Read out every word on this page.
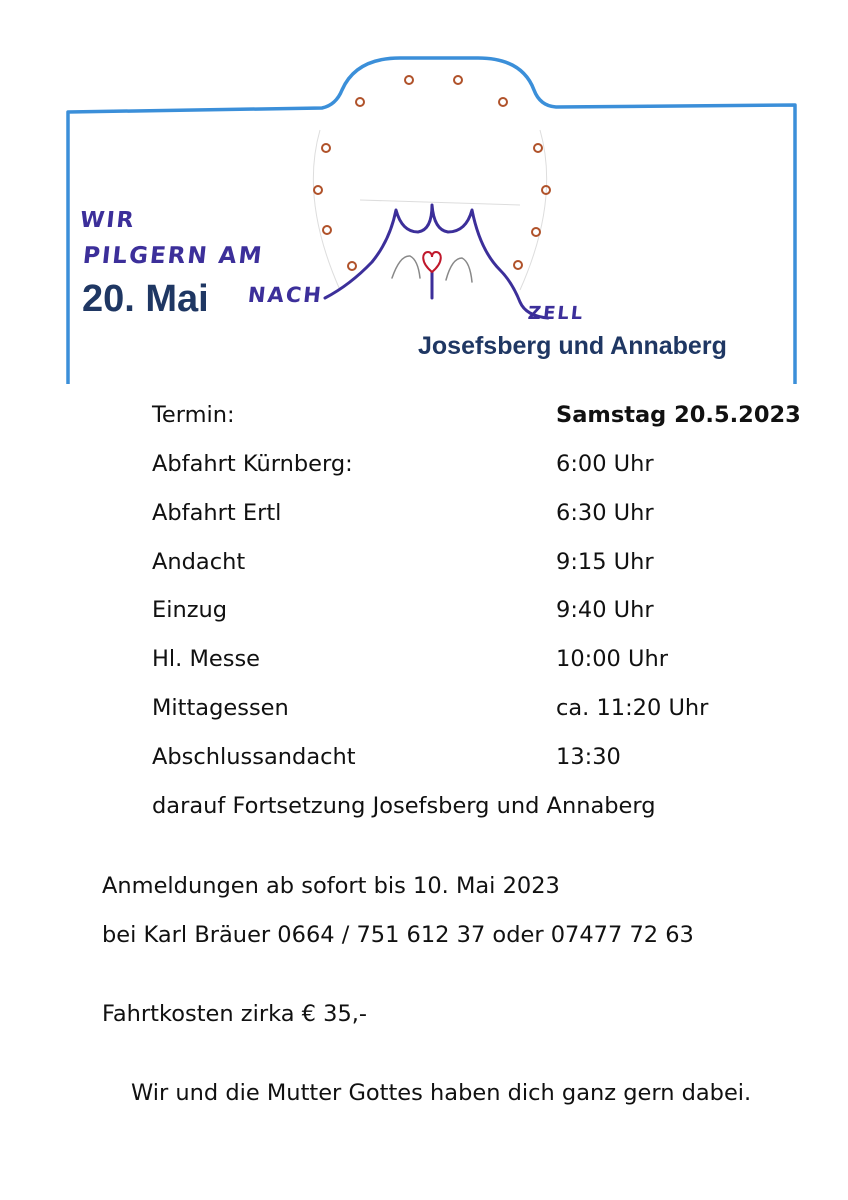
WIR
PILGERN AM
NACH
ZELL
20. Mai
Josefsberg und Annaberg
Termin:	Samstag 20.5.2023
Abfahrt Kürnberg:	6:00 Uhr
Abfahrt Ertl	6:30 Uhr
Andacht	9:15 Uhr
Einzug	9:40 Uhr
Hl. Messe	10:00 Uhr
Mittagessen	ca. 11:20 Uhr
Abschlussandacht	13:30
darauf Fortsetzung Josefsberg und Annaberg
Anmeldungen ab sofort bis 10. Mai 2023
bei Karl Bräuer 0664 / 751 612 37 oder 07477 72 63
Fahrtkosten zirka € 35,-
Wir und die Mutter Gottes haben dich ganz gern dabei.
